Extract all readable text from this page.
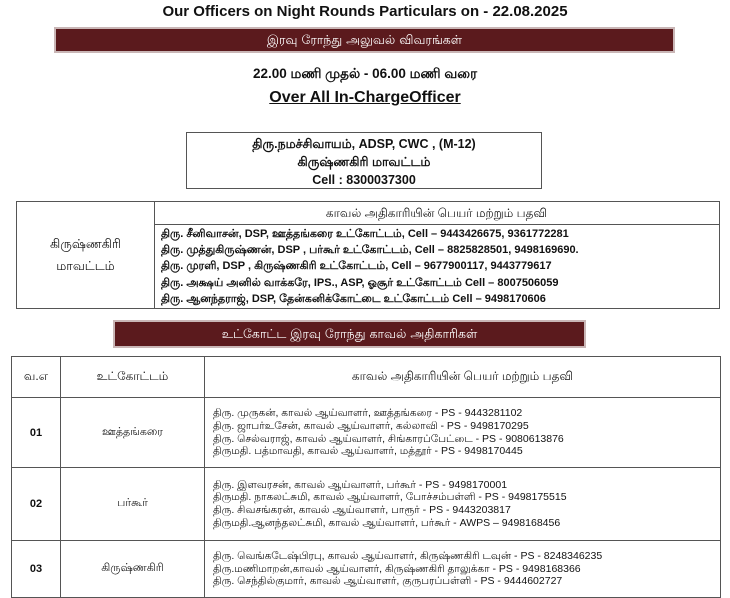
Our Officers on Night Rounds Particulars on - 22.08.2025
இரவு ரோந்து அலுவல் விவரங்கள்
22.00 மணி முதல் - 06.00 மணி வரை
Over All In-ChargeOfficer
திரு.நமச்சிவாயம், ADSP, CWC , (M-12)
கிருஷ்ணகிரி மாவட்டம்
Cell : 8300037300
கிருஷ்ணகிரி
மாவட்டம்
காவல் அதிகாரியின் பெயர் மற்றும் பதவி
திரு. சீனிவாசன், DSP, ஊத்தங்கரை உட்கோட்டம், Cell – 9443426675, 9361772281
திரு. முத்துகிருஷ்ணன், DSP , பர்கூர் உட்கோட்டம், Cell – 8825828501, 9498169690.
திரு. முரளி, DSP , கிருஷ்ணகிரி உட்கோட்டம், Cell – 9677900117, 9443779617
திரு. அக்ஷய் அனில் வாக்கரே, IPS., ASP, ஓசூர் உட்கோட்டம் Cell – 8007506059
திரு. ஆனந்தராஜ், DSP, தேன்கனிக்கோட்டை உட்கோட்டம் Cell – 9498170606
உட்கோட்ட இரவு ரோந்து காவல் அதிகாரிகள்
வ.எ	உட்கோட்டம்	காவல் அதிகாரியின் பெயர் மற்றும் பதவி
01	ஊத்தங்கரை	திரு. முருகன், காவல் ஆய்வாளர், ஊத்தங்கரை - PS - 9443281102
திரு. ஜாபர்உசேன், காவல் ஆய்வாளர், கல்லாவி - PS - 9498170295
திரு. செல்வராஜ், காவல் ஆய்வாளர், சிங்காரப்பேட்டை - PS - 9080613876
திருமதி. பத்மாவதி, காவல் ஆய்வாளர், மத்தூர் - PS - 9498170445

02	பர்கூர்	திரு. இளவரசன், காவல் ஆய்வாளர், பர்கூர் - PS - 9498170001
திருமதி. நாகலட்சுமி, காவல் ஆய்வாளர், போச்சம்பள்ளி - PS - 9498175515
திரு. சிவசங்கரன், காவல் ஆய்வாளர், பாரூர் - PS - 9443203817
திருமதி.ஆனந்தலட்சுமி, காவல் ஆய்வாளர், பர்கூர் - AWPS – 9498168456

03	கிருஷ்ணகிரி	திரு. வெங்கடேஷ்பிரபு, காவல் ஆய்வாளர், கிருஷ்ணகிரி டவுன் - PS - 8248346235
திரு.மணிமாறன்,காவல் ஆய்வாளர், கிருஷ்ணகிரி தாலுக்கா - PS - 9498168366
திரு. செந்தில்குமார், காவல் ஆய்வாளர், குருபரப்பள்ளி - PS - 9444602727
